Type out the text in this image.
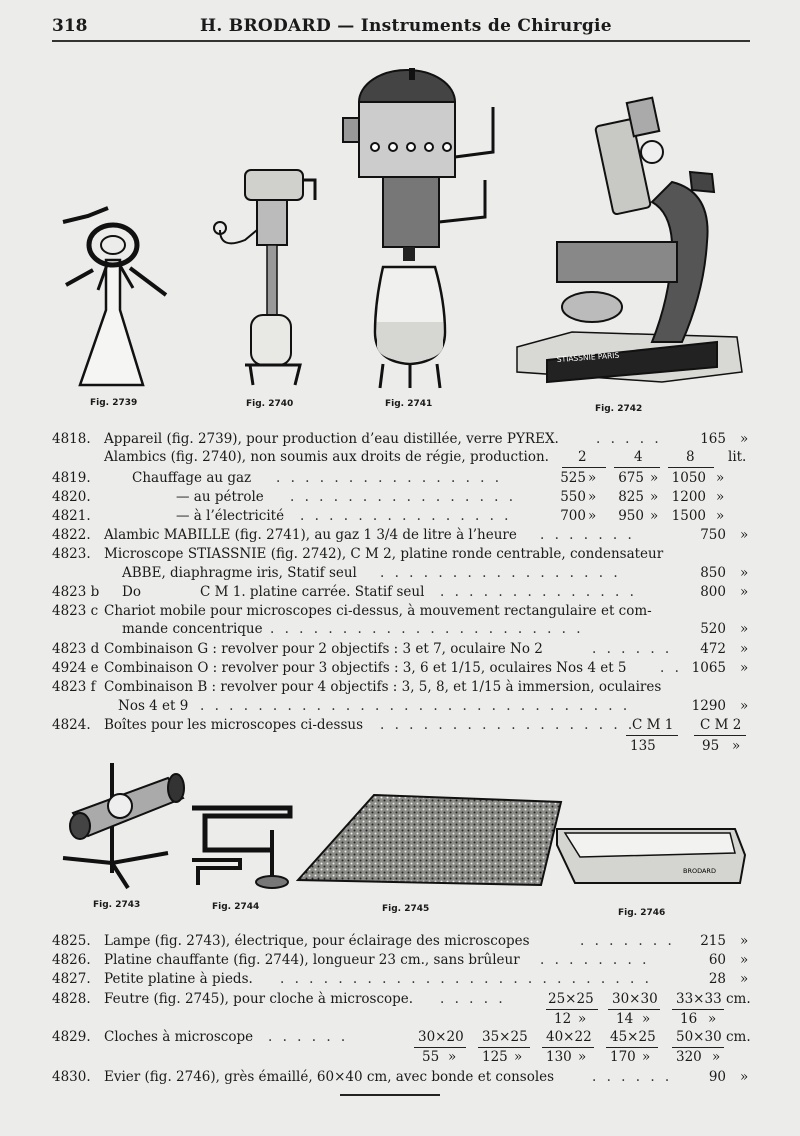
318	H. BRODARD — Instruments de Chirurgie
STIASSNIE PARIS
Fig. 2739	Fig. 2740	Fig. 2741	Fig. 2742
4818. Appareil (fig. 2739), pour production d’eau distillée, verre PYREX.	. . . . .	165 »
Alambics (fig. 2740), non soumis aux droits de régie, production. 2	4	8 lit.
4819.	Chauffage au gaz . . . . . . . . . . . . . . . .	525 »	675 » 1050 »
4820.	— au pétrole . . . . . . . . . . . . . . . .	550 »	825 » 1200 »
4821.	— à l’électricité . . . . . . . . . . . . . . .	700 »	950 » 1500 »
4822. Alambic MABILLE (fig. 2741), au gaz 1 3/4 de litre à l’heure . . . . . . .	750 »
4823. Microscope STIASSNIE (fig. 2742), C M 2, platine ronde centrable, condensateur
ABBE, diaphragme iris, Statif seul . . . . . . . . . . . . . . . . .	850 »
4823 b Do	C M 1. platine carrée. Statif seul . . . . . . . . . . . . . .	800 »
4823 c Chariot mobile pour microscopes ci-dessus, à mouvement rectangulaire et com-
mande concentrique . . . . . . . . . . . . . . . . . . . . . .	520 »
4823 d Combinaison G : revolver pour 2 objectifs : 3 et 7, oculaire No 2	. . . . . .	472 »
4924 e Combinaison O : revolver pour 3 objectifs : 3, 6 et 1/15, oculaires Nos 4 et 5 . . 1065 »
4823 f Combinaison B : revolver pour 4 objectifs : 3, 5, 8, et 1/15 à immersion, oculaires
Nos 4 et 9 . . . . . . . . . . . . . . . . . . . . . . . . . . . . . .	1290 »
4824. Boîtes pour les microscopes ci-dessus . . . . . . . . . . . . . . . . . .
C M 1 C M 2
135	95 »
BRODARD
Fig. 2743	Fig. 2744	Fig. 2745	Fig. 2746
4825. Lampe (fig. 2743), électrique, pour éclairage des microscopes	. . . . . . .	215 »
4826. Platine chauffante (fig. 2744), longueur 23 cm., sans brûleur . . . . . . . .	60 »
4827. Petite platine à pieds. . . . . . . . . . . . . . . . . . . . . . . . . . .	28 »
4828. Feutre (fig. 2745), pour cloche à microscope. . . . . .	25×25 30×30 33×33 cm.
12 » 14 » 16 »
4829. Cloches à microscope . . . . . .	30×20 35×25 40×22 45×25 50×30 cm.
55 » 125 » 130 » 170 » 320 »
4830. Evier (fig. 2746), grès émaillé, 60×40 cm, avec bonde et consoles	. . . . . .	90 »
